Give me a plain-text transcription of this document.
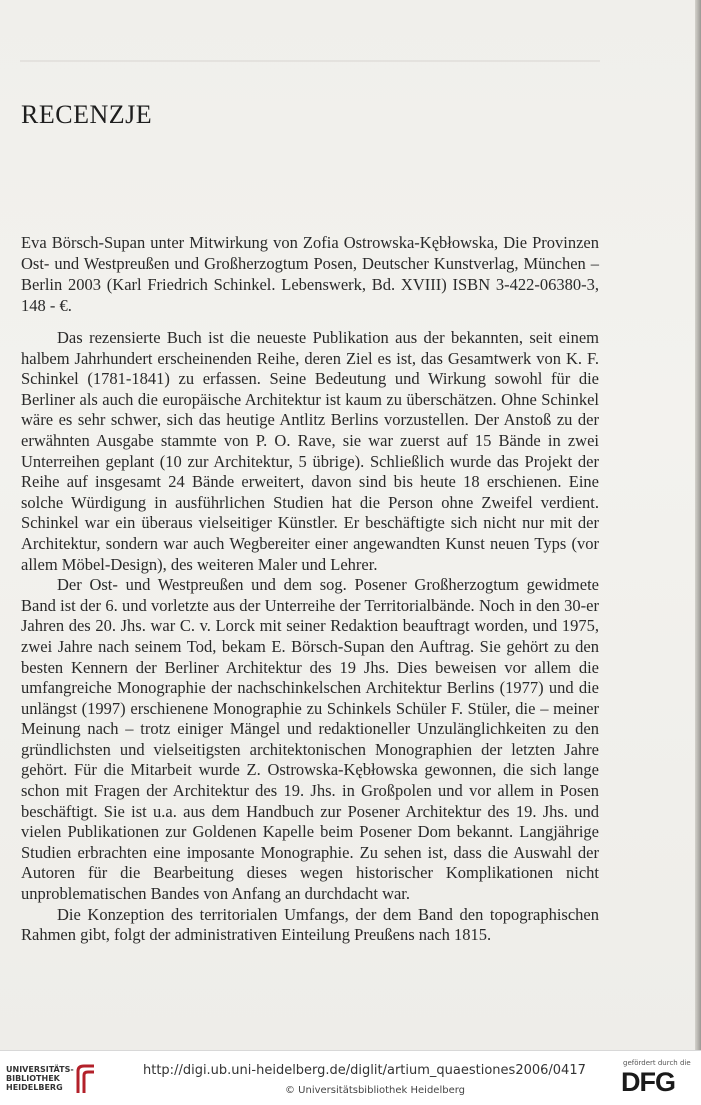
RECENZJE

Eva Börsch-Supan unter Mitwirkung von Zofia Ostrowska-Kębłowska, Die Provinzen Ost- und Westpreußen und Großherzogtum Posen, Deutscher Kunstverlag, München – Berlin 2003 (Karl Friedrich Schinkel. Lebenswerk, Bd. XVIII) ISBN 3-422-06380-3, 148 - €.

Das rezensierte Buch ist die neueste Publikation aus der bekannten, seit einem halbem Jahrhundert erscheinenden Reihe, deren Ziel es ist, das Gesamtwerk von K. F. Schinkel (1781-1841) zu erfassen. Seine Bedeutung und Wirkung sowohl für die Berliner als auch die europäische Architektur ist kaum zu überschätzen. Ohne Schinkel wäre es sehr schwer, sich das heutige Antlitz Berlins vorzustellen. Der Anstoß zu der erwähnten Ausgabe stammte von P. O. Rave, sie war zuerst auf 15 Bände in zwei Unterreihen geplant (10 zur Architektur, 5 übrige). Schließlich wurde das Projekt der Reihe auf insgesamt 24 Bände erweitert, davon sind bis heute 18 erschienen. Eine solche Würdigung in ausführlichen Studien hat die Person ohne Zweifel verdient. Schinkel war ein überaus vielseitiger Künstler. Er beschäftigte sich nicht nur mit der Architektur, sondern war auch Wegbereiter einer angewandten Kunst neuen Typs (vor allem Möbel-Design), des weiteren Maler und Lehrer.

Der Ost- und Westpreußen und dem sog. Posener Großherzogtum gewidmete Band ist der 6. und vorletzte aus der Unterreihe der Territorialbände. Noch in den 30-er Jahren des 20. Jhs. war C. v. Lorck mit seiner Redaktion beauftragt worden, und 1975, zwei Jahre nach seinem Tod, bekam E. Börsch-Supan den Auftrag. Sie gehört zu den besten Kennern der Berliner Architektur des 19 Jhs. Dies beweisen vor allem die umfangreiche Monographie der nachschinkelschen Architektur Berlins (1977) und die unlängst (1997) erschienene Monographie zu Schinkels Schüler F. Stüler, die – meiner Meinung nach – trotz einiger Mängel und redaktioneller Unzulänglichkeiten zu den gründlichsten und vielseitigsten architektonischen Monographien der letzten Jahre gehört. Für die Mitarbeit wurde Z. Ostrowska-Kębłowska gewonnen, die sich lange schon mit Fragen der Architektur des 19. Jhs. in Großpolen und vor allem in Posen beschäftigt. Sie ist u.a. aus dem Handbuch zur Posener Architektur des 19. Jhs. und vielen Publikationen zur Goldenen Kapelle beim Posener Dom bekannt. Langjährige Studien erbrachten eine imposante Monographie. Zu sehen ist, dass die Auswahl der Autoren für die Bearbeitung dieses wegen historischer Komplikationen nicht unproblematischen Bandes von Anfang an durchdacht war.

Die Konzeption des territorialen Umfangs, der dem Band den topographischen Rahmen gibt, folgt der administrativen Einteilung Preußens nach 1815.

UNIVERSITÄTS-
BIBLIOTHEK
HEIDELBERG
http://digi.ub.uni-heidelberg.de/diglit/artium_quaestiones2006/0417
© Universitätsbibliothek Heidelberg
gefördert durch die
DFG
